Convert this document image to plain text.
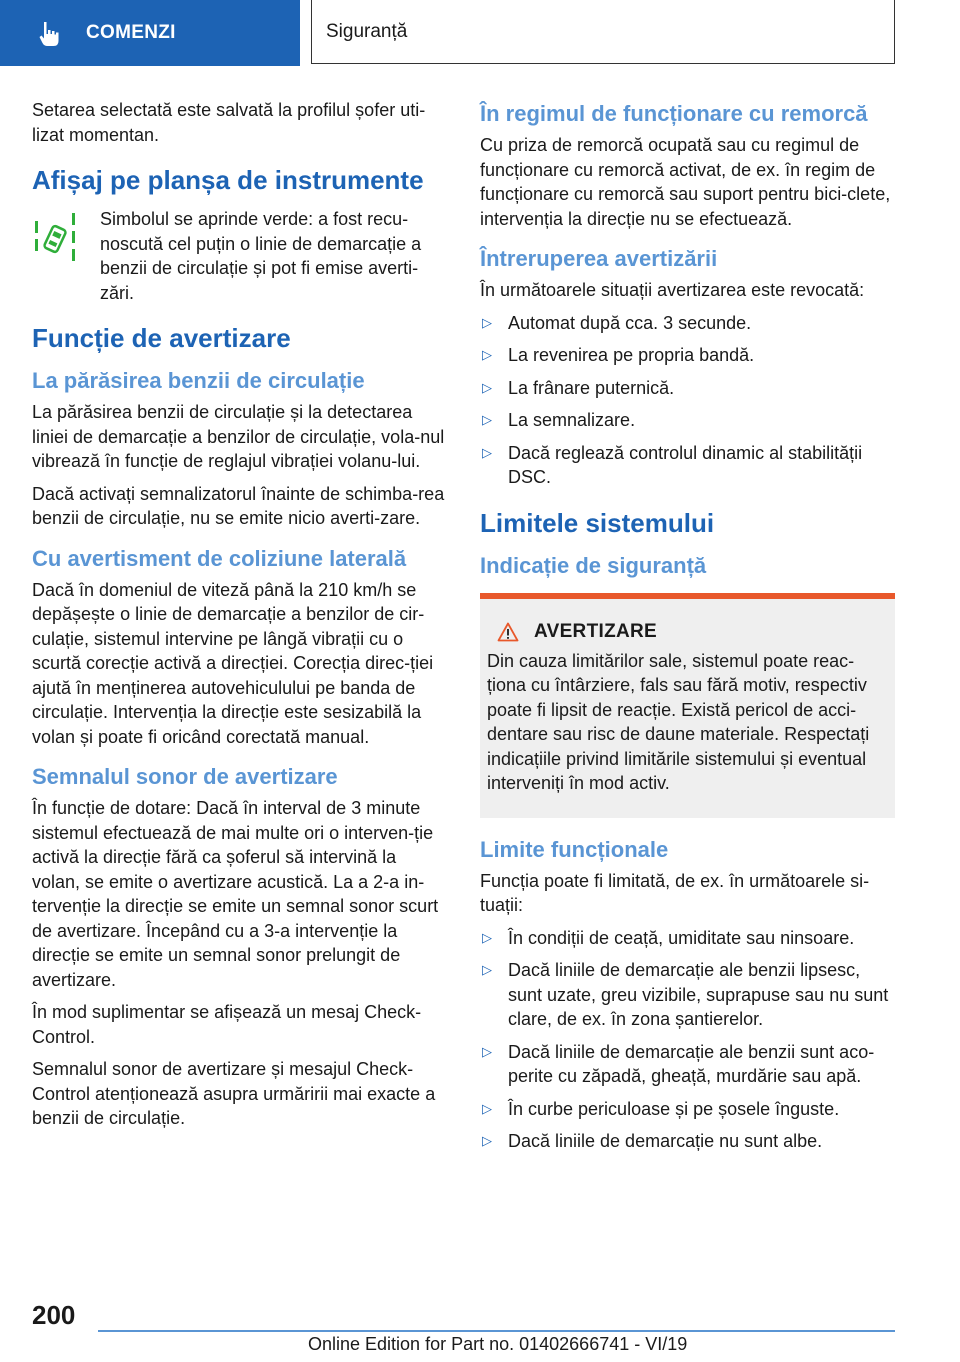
COMENZI	Siguranță

Setarea selectată este salvată la profilul șofer uti-lizat momentan.

Afișaj pe planșa de instrumente

Simbolul se aprinde verde: a fost recu-noscută cel puțin o linie de demarcație a benzii de circulație și pot fi emise averti-zări.

Funcție de avertizare
La părăsirea benzii de circulație

La părăsirea benzii de circulație și la detectarea liniei de demarcație a benzilor de circulație, vola-nul vibrează în funcție de reglajul vibrației volanu-lui.

Dacă activați semnalizatorul înainte de schimba-rea benzii de circulație, nu se emite nicio averti-zare.

Cu avertisment de coliziune laterală

Dacă în domeniul de viteză până la 210 km/h se depășește o linie de demarcație a benzilor de cir-culație, sistemul intervine pe lângă vibrații cu o scurtă corecție activă a direcției. Corecția direc-ției ajută în menținerea autovehiculului pe banda de circulație. Intervenția la direcție este sesizabilă la volan și poate fi oricând corectată manual.

Semnalul sonor de avertizare

În funcție de dotare: Dacă în interval de 3 minute sistemul efectuează de mai multe ori o interven-ție activă la direcție fără ca șoferul să intervină la volan, se emite o avertizare acustică. La a 2-a in-tervenție la direcție se emite un semnal sonor scurt de avertizare. Începând cu a 3-a intervenție la direcție se emite un semnal sonor prelungit de avertizare.

În mod suplimentar se afișează un mesaj Check-Control.

Semnalul sonor de avertizare și mesajul Check-Control atenționează asupra urmăririi mai exacte a benzii de circulație.

În regimul de funcționare cu remorcă

Cu priza de remorcă ocupată sau cu regimul de funcționare cu remorcă activat, de ex. în regim de funcționare cu remorcă sau suport pentru bici-clete, intervenția la direcție nu se efectuează.

Întreruperea avertizării

În următoarele situații avertizarea este revocată:

▷ Automat după cca. 3 secunde.
▷ La revenirea pe propria bandă.
▷ La frânare puternică.
▷ La semnalizare.
▷ Dacă reglează controlul dinamic al stabilității DSC.
Limitele sistemului
Indicație de siguranță
AVERTIZARE

Din cauza limitărilor sale, sistemul poate reac-ționa cu întârziere, fals sau fără motiv, respectiv poate fi lipsit de reacție. Există pericol de acci-dentare sau risc de daune materiale. Respectați indicațiile privind limitările sistemului și eventual interveniți în mod activ.

Limite funcționale

Funcția poate fi limitată, de ex. în următoarele si-tuații:

▷ În condiții de ceață, umiditate sau ninsoare.
▷ Dacă liniile de demarcație ale benzii lipsesc, sunt uzate, greu vizibile, suprapuse sau nu sunt clare, de ex. în zona șantierelor.
▷ Dacă liniile de demarcație ale benzii sunt aco-perite cu zăpadă, gheață, murdărie sau apă.
▷ În curbe periculoase și pe șosele înguste.
▷ Dacă liniile de demarcație nu sunt albe.
200
Online Edition for Part no. 01402666741 - VI/19
